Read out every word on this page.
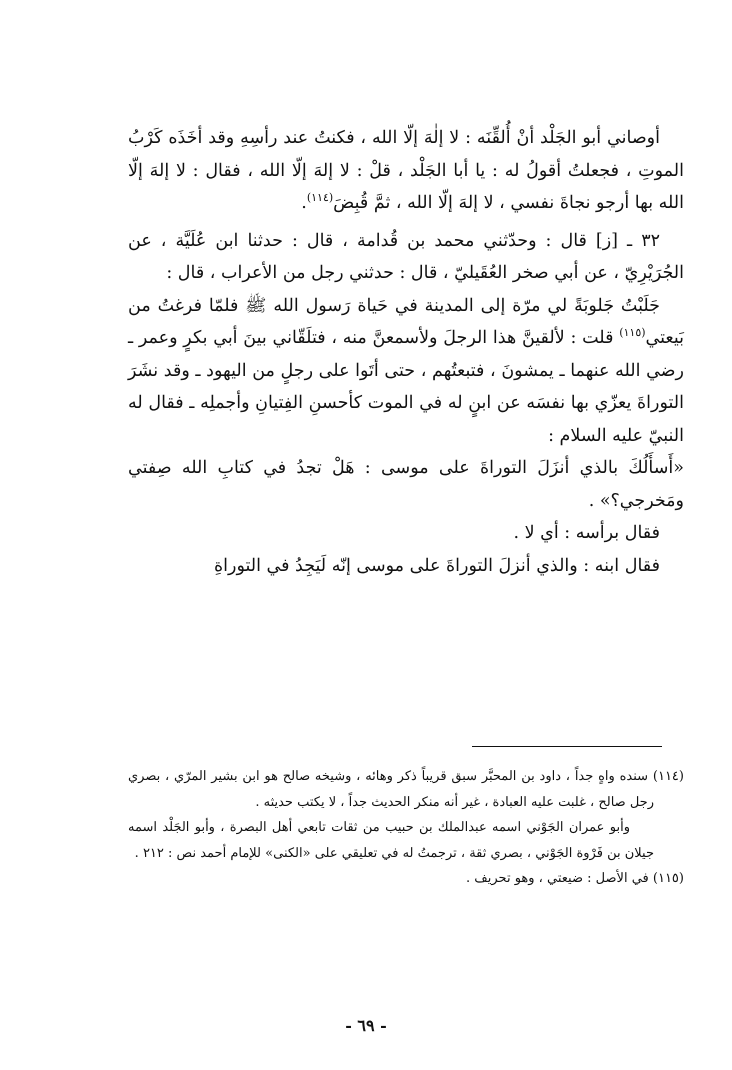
أوصاني أبو الجَلْد أنْ أُلقِّنَه : لا إلٰهَ إلّا الله ، فكنتُ عند رأسِهِ وقد أخَذَه كَرْبُ الموتِ ، فجعلتُ أقولُ له : يا أبا الجَلْد ، قلْ : لا إلهَ إلّا الله ، فقال : لا إلهَ إلّا الله بها أرجو نجاةَ نفسي ، لا إلهَ إلّا الله ، ثمَّ قُبِضَ$^{(١١٤)}$.

٣٢ ـ [ز] قال : وحدّثني محمد بن قُدامة ، قال : حدثنا ابن عُلَيَّة ، عن الجُرَيْرِيّ ، عن أبي صخر العُقَيليّ ، قال : حدثني رجل من الأعراب ، قال :

جَلَبْتُ جَلوبَةً لي مرّة إلى المدينة في حَياة رَسول الله ﷺ فلمّا فرغتُ من بَيعتي$^{(١١٥)}$ قلت : لألقينَّ هذا الرجلَ ولأسمعنَّ منه ، فتلَقّاني بينَ أبي بكرٍ وعمر ـ رضي الله عنهما ـ يمشونَ ، فتبعتُهم ، حتى أتَوا على رجلٍ من اليهود ـ وقد نشَرَ التوراةَ يعزّي بها نفسَه عن ابنٍ له في الموت كأحسنِ الفِتيانِ وأجملِه ـ فقال له النبيّ عليه السلام :

«أَسأَلُكَ بالذي أنزَلَ التوراةَ على موسى : هَلْ تجدُ في كتابِ الله صِفتي ومَخرجي؟» .

فقال برأسه : أي لا .

فقال ابنه : والذي أنزلَ التوراةَ على موسى إنّه لَيَجِدُ في التوراةِ

(١١٤) سنده واهٍ جداً ، داود بن المحبَّر سبق قريباً ذكر وهائه ، وشيخه صالح هو ابن بشير المرّي ، بصري رجل صالح ، غلبت عليه العبادة ، غير أنه منكر الحديث جداً ، لا يكتب حديثه .

وأبو عمران الجَوْني اسمه عبدالملك بن حبيب من ثقات تابعي أهل البصرة ، وأبو الجَلْد اسمه جيلان بن فَرْوة الجَوْني ، بصري ثقة ، ترجمتُ له في تعليقي على «الكنى» للإمام أحمد نص : ٢١٢ .

(١١٥) في الأصل : ضيعتي ، وهو تحريف .

- ٦٩ -
